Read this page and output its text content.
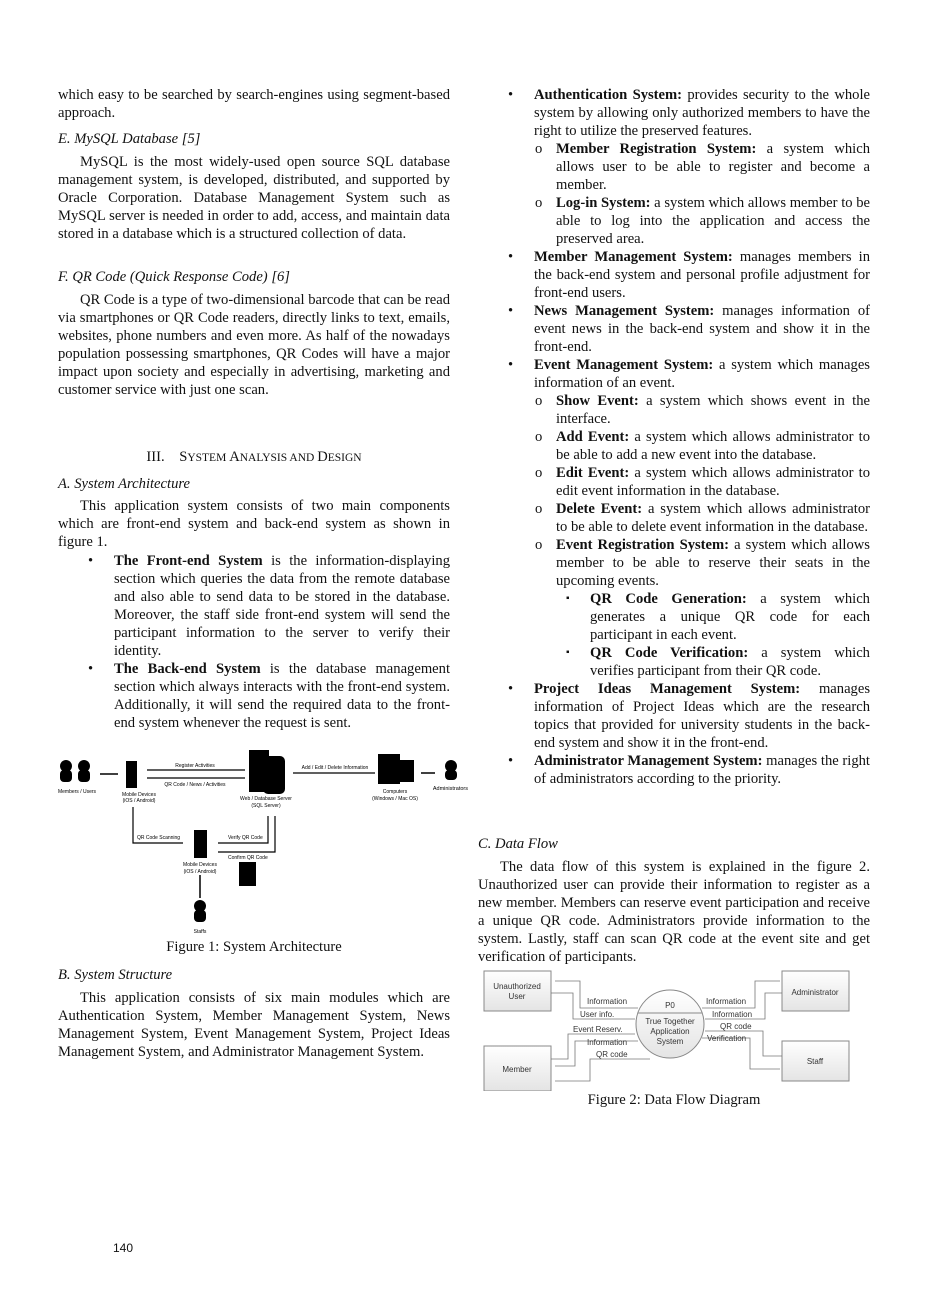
which easy to be searched by search-engines using segment-based approach.

E. MySQL Database [5]

MySQL is the most widely-used open source SQL database management system, is developed, distributed, and supported by Oracle Corporation. Database Management System such as MySQL server is needed in order to add, access, and maintain data stored in a database which is a structured collection of data.

F. QR Code (Quick Response Code) [6]

QR Code is a type of two-dimensional barcode that can be read via smartphones or QR Code readers, directly links to text, emails, websites, phone numbers and even more. As half of the nowadays population possessing smartphones, QR Codes will have a major impact upon society and especially in advertising, marketing and customer service with just one scan.

III. SYSTEM ANALYSIS AND DESIGN

A. System Architecture

This application system consists of two main components which are front-end system and back-end system as shown in figure 1.

• The Front-end System is the information-displaying section which queries the data from the remote database and also able to send data to be stored in the database. Moreover, the staff side front-end system will send the participant information to the server to verify their identity.
• The Back-end System is the database management section which always interacts with the front-end system. Additionally, it will send the required data to the front-end system whenever the request is sent.
Members / Users	Mobile Devices
(iOS / Android)
Register Activities
QR Code / News / Activities
Web / Database Server
(SQL Server)
Add / Edit / Delete Information
Computers
(Windows / Mac OS)
Administrators
QR Code Scanning	Verify QR Code
Confirm QR Code
Mobile Devices
(iOS / Android)
Staffs

Figure 1: System Architecture

B. System Structure

This application consists of six main modules which are Authentication System, Member Management System, News Management System, Event Management System, Project Ideas Management System, and Administrator Management System.

• Authentication System: provides security to the whole system by allowing only authorized members to have the right to utilize the preserved features.
o Member Registration System: a system which allows user to be able to register and become a member.
o Log-in System: a system which allows member to be able to log into the application and access the preserved area.
• Member Management System: manages members in the back-end system and personal profile adjustment for front-end users.
• News Management System: manages information of event news in the back-end system and show it in the front-end.
• Event Management System: a system which manages information of an event.
o Show Event: a system which shows event in the interface.
o Add Event: a system which allows administrator to be able to add a new event into the database.
o Edit Event: a system which allows administrator to edit event information in the database.
o Delete Event: a system which allows administrator to be able to delete event information in the database.
o Event Registration System: a system which allows member to be able to reserve their seats in the upcoming events.
▪ QR Code Generation: a system which generates a unique QR code for each participant in each event.
▪ QR Code Verification: a system which verifies participant from their QR code.
• Project Ideas Management System: manages information of Project Ideas which are the research topics that provided for university students in the back-end system and show it in the front-end.
• Administrator Management System: manages the right of administrators according to the priority.

C. Data Flow

The data flow of this system is explained in the figure 2. Unauthorized user can provide their information to register as a new member. Members can reserve event participation and receive a unique QR code. Administrators provide information to the system. Lastly, staff can scan QR code at the event site and get verification of participants.

Unauthorized
User
Member
Administrator
Staff
P0
True Together
Application
System
Information
User info.
Event Reserv.
Information
QR code
Information
Information
QR code
Verification

Figure 2: Data Flow Diagram

140
